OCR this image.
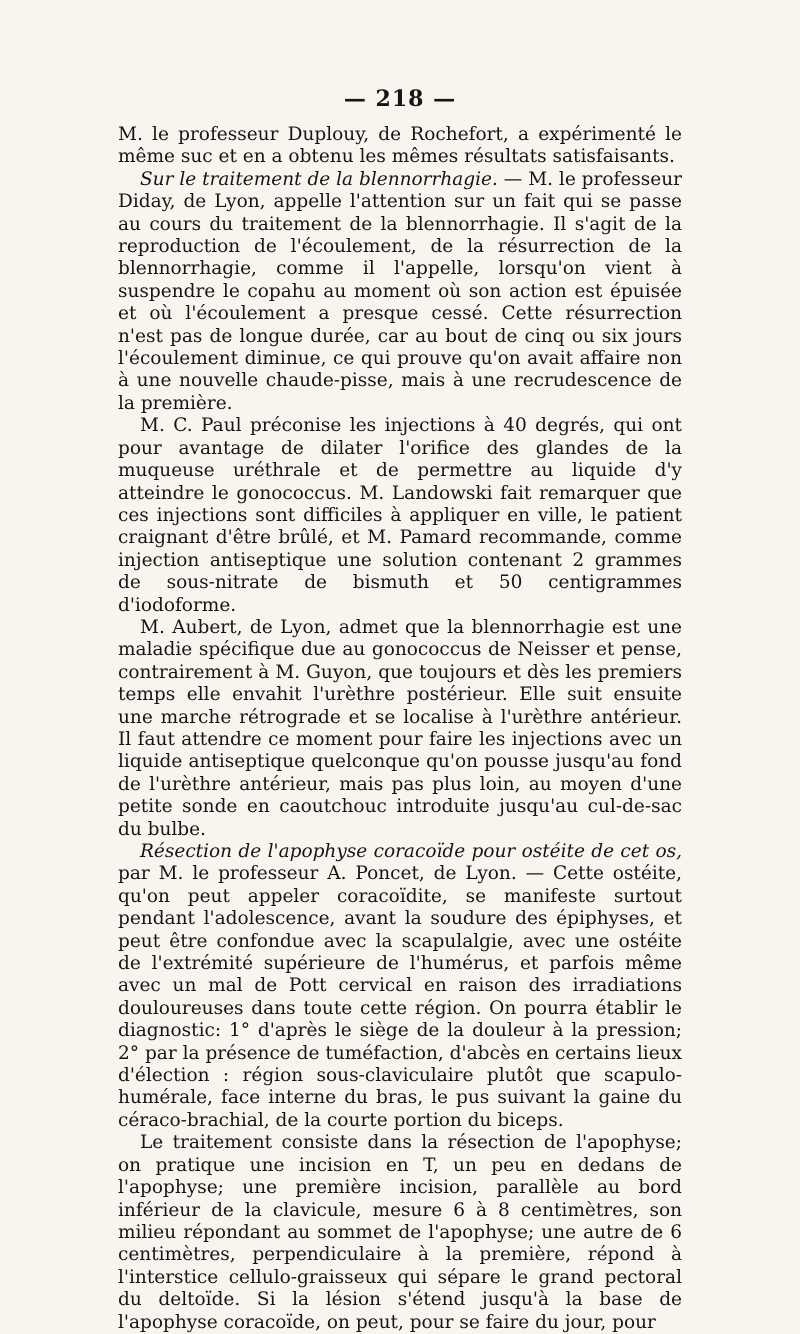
— 218 —

M. le professeur Duplouy, de Rochefort, a expérimenté le même suc et en a obtenu les mêmes résultats satisfaisants.

Sur le traitement de la blennorrhagie. — M. le professeur Diday, de Lyon, appelle l'attention sur un fait qui se passe au cours du traitement de la blennorrhagie. Il s'agit de la reproduction de l'écoulement, de la résurrection de la blennorrhagie, comme il l'appelle, lorsqu'on vient à suspendre le copahu au moment où son action est épuisée et où l'écoulement a presque cessé. Cette résurrection n'est pas de longue durée, car au bout de cinq ou six jours l'écoulement diminue, ce qui prouve qu'on avait affaire non à une nouvelle chaude-pisse, mais à une recrudescence de la première.

M. C. Paul préconise les injections à 40 degrés, qui ont pour avantage de dilater l'orifice des glandes de la muqueuse uréthrale et de permettre au liquide d'y atteindre le gonococcus. M. Landowski fait remarquer que ces injections sont difficiles à appliquer en ville, le patient craignant d'être brûlé, et M. Pamard recommande, comme injection antiseptique une solution contenant 2 grammes de sous-nitrate de bismuth et 50 centigrammes d'iodoforme.

M. Aubert, de Lyon, admet que la blennorrhagie est une maladie spécifique due au gonococcus de Neisser et pense, contrairement à M. Guyon, que toujours et dès les premiers temps elle envahit l'urèthre postérieur. Elle suit ensuite une marche rétrograde et se localise à l'urèthre antérieur. Il faut attendre ce moment pour faire les injections avec un liquide antiseptique quelconque qu'on pousse jusqu'au fond de l'urèthre antérieur, mais pas plus loin, au moyen d'une petite sonde en caoutchouc introduite jusqu'au cul-de-sac du bulbe.

Résection de l'apophyse coracoïde pour ostéite de cet os, par M. le professeur A. Poncet, de Lyon. — Cette ostéite, qu'on peut appeler coracoïdite, se manifeste surtout pendant l'adolescence, avant la soudure des épiphyses, et peut être confondue avec la scapulalgie, avec une ostéite de l'extrémité supérieure de l'humérus, et parfois même avec un mal de Pott cervical en raison des irradiations douloureuses dans toute cette région. On pourra établir le diagnostic: 1° d'après le siège de la douleur à la pression; 2° par la présence de tuméfaction, d'abcès en certains lieux d'élection : région sous-claviculaire plutôt que scapulo-humérale, face interne du bras, le pus suivant la gaine du céraco-brachial, de la courte portion du biceps.

Le traitement consiste dans la résection de l'apophyse; on pratique une incision en T, un peu en dedans de l'apophyse; une première incision, parallèle au bord inférieur de la clavicule, mesure 6 à 8 centimètres, son milieu répondant au sommet de l'apophyse; une autre de 6 centimètres, perpendiculaire à la première, répond à l'interstice cellulo-graisseux qui sépare le grand pectoral du deltoïde. Si la lésion s'étend jusqu'à la base de l'apophyse coracoïde, on peut, pour se faire du jour, pour
